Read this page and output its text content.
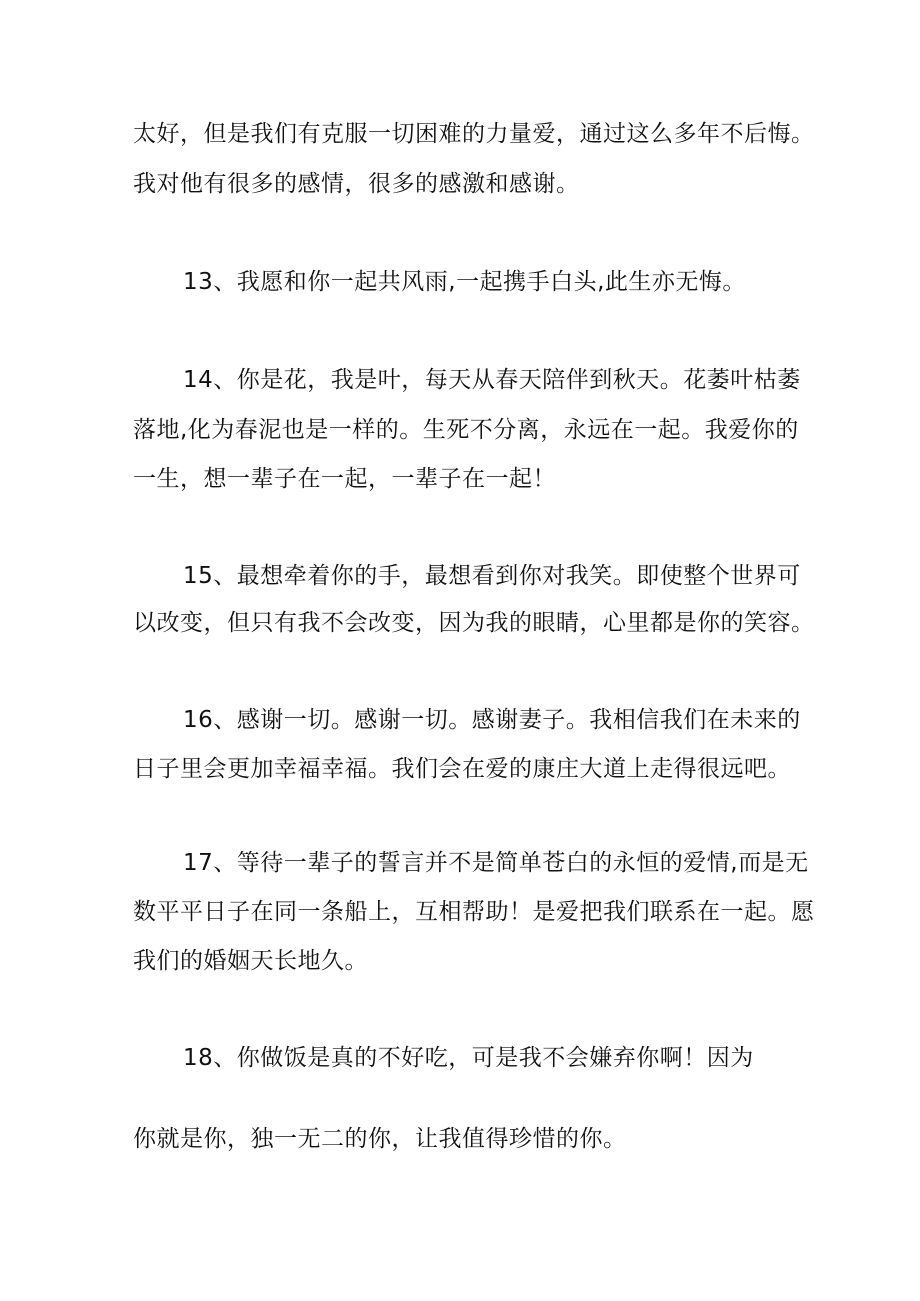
太好，但是我们有克服一切困难的力量爱，通过这么多年不后悔。
我对他有很多的感情，很多的感激和感谢。
13、我愿和你一起共风雨,一起携手白头,此生亦无悔。
14、你是花，我是叶，每天从春天陪伴到秋天。花萎叶枯萎
落地,化为春泥也是一样的。生死不分离，永远在一起。我爱你的
一生，想一辈子在一起，一辈子在一起！
15、最想牵着你的手，最想看到你对我笑。即使整个世界可
以改变，但只有我不会改变，因为我的眼睛，心里都是你的笑容。
16、感谢一切。感谢一切。感谢妻子。我相信我们在未来的
日子里会更加幸福幸福。我们会在爱的康庄大道上走得很远吧。
17、等待一辈子的誓言并不是简单苍白的永恒的爱情,而是无
数平平日子在同一条船上，互相帮助！是爱把我们联系在一起。愿
我们的婚姻天长地久。
18、你做饭是真的不好吃，可是我不会嫌弃你啊！因为
你就是你，独一无二的你，让我值得珍惜的你。
